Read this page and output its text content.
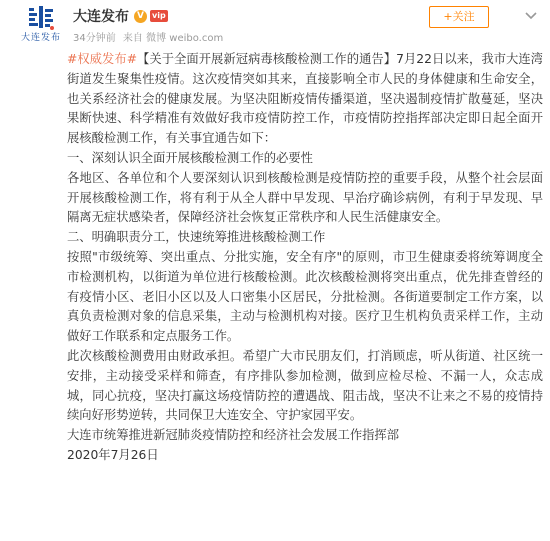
大连发布
大连发布 V	vip
34分钟前 来自 微博 weibo.com
+关注

#权威发布#【关于全面开展新冠病毒核酸检测工作的通告】7月22日以来，我市大连湾街道发生聚集性疫情。这次疫情突如其来，直接影响全市人民的身体健康和生命安全，也关系经济社会的健康发展。为坚决阻断疫情传播渠道，坚决遏制疫情扩散蔓延，坚决果断快速、科学精准有效做好我市疫情防控工作，市疫情防控指挥部决定即日起全面开展核酸检测工作，有关事宜通告如下：

一、深刻认识全面开展核酸检测工作的必要性

各地区、各单位和个人要深刻认识到核酸检测是疫情防控的重要手段，从整个社会层面开展核酸检测工作，将有利于从全人群中早发现、早治疗确诊病例，有利于早发现、早隔离无症状感染者，保障经济社会恢复正常秩序和人民生活健康安全。

二、明确职责分工，快速统筹推进核酸检测工作

按照"市级统筹、突出重点、分批实施，安全有序"的原则，市卫生健康委将统筹调度全市检测机构，以街道为单位进行核酸检测。此次核酸检测将突出重点，优先排查曾经的有疫情小区、老旧小区以及人口密集小区居民，分批检测。各街道要制定工作方案，以真负责检测对象的信息采集，主动与检测机构对接。医疗卫生机构负责采样工作，主动做好工作联系和定点服务工作。

此次核酸检测费用由财政承担。希望广大市民朋友们，打消顾虑，听从街道、社区统一安排，主动接受采样和筛查，有序排队参加检测，做到应检尽检、不漏一人，众志成城，同心抗疫，坚决打赢这场疫情防控的遭遇战、阻击战，坚决不让来之不易的疫情持续向好形势逆转，共同保卫大连安全、守护家园平安。

大连市统筹推进新冠肺炎疫情防控和经济社会发展工作指挥部

2020年7月26日
